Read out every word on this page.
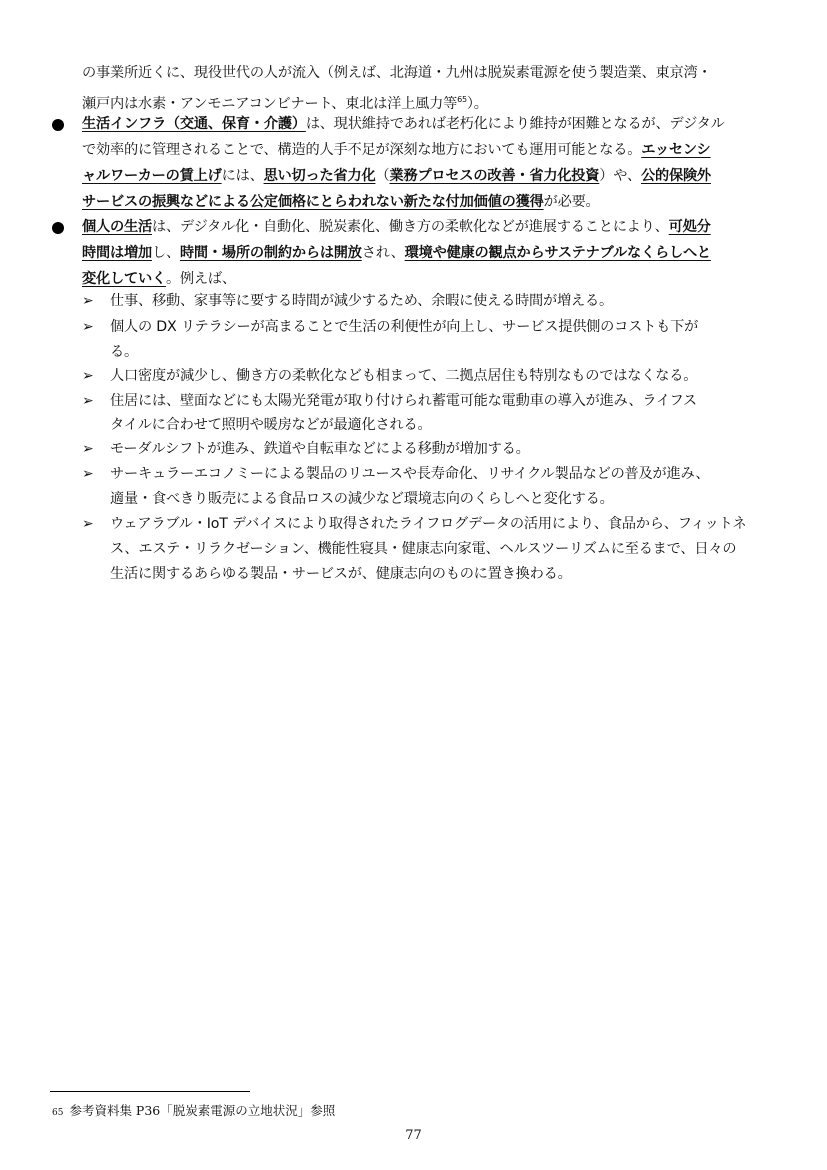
の事業所近くに、現役世代の人が流入（例えば、北海道・九州は脱炭素電源を使う製造業、東京湾・
瀬戸内は水素・アンモニアコンビナート、東北は洋上風力等$^{65}$）。
生活インフラ（交通、保育・介護）は、現状維持であれば老朽化により維持が困難となるが、デジタル
で効率的に管理されることで、構造的人手不足が深刻な地方においても運用可能となる。エッセンシ
ャルワーカーの賃上げには、思い切った省力化（業務プロセスの改善・省力化投資）や、公的保険外
サービスの振興などによる公定価格にとらわれない新たな付加価値の獲得が必要。
個人の生活は、デジタル化・自動化、脱炭素化、働き方の柔軟化などが進展することにより、可処分
時間は増加し、時間・場所の制約からは開放され、環境や健康の観点からサステナブルなくらしへと
変化していく。例えば、
➢ 仕事、移動、家事等に要する時間が減少するため、余暇に使える時間が増える。
➢ 個人の DX リテラシーが高まることで生活の利便性が向上し、サービス提供側のコストも下が
る。
➢ 人口密度が減少し、働き方の柔軟化なども相まって、二拠点居住も特別なものではなくなる。
➢ 住居には、壁面などにも太陽光発電が取り付けられ蓄電可能な電動車の導入が進み、ライフス
タイルに合わせて照明や暖房などが最適化される。
➢ モーダルシフトが進み、鉄道や自転車などによる移動が増加する。
➢ サーキュラーエコノミーによる製品のリユースや長寿命化、リサイクル製品などの普及が進み、
適量・食べきり販売による食品ロスの減少など環境志向のくらしへと変化する。
➢ ウェアラブル・IoT デバイスにより取得されたライフログデータの活用により、食品から、フィットネ
ス、エステ・リラクゼーション、機能性寝具・健康志向家電、ヘルスツーリズムに至るまで、日々の
生活に関するあらゆる製品・サービスが、健康志向のものに置き換わる。
65 参考資料集 P36「脱炭素電源の立地状況」参照
77
